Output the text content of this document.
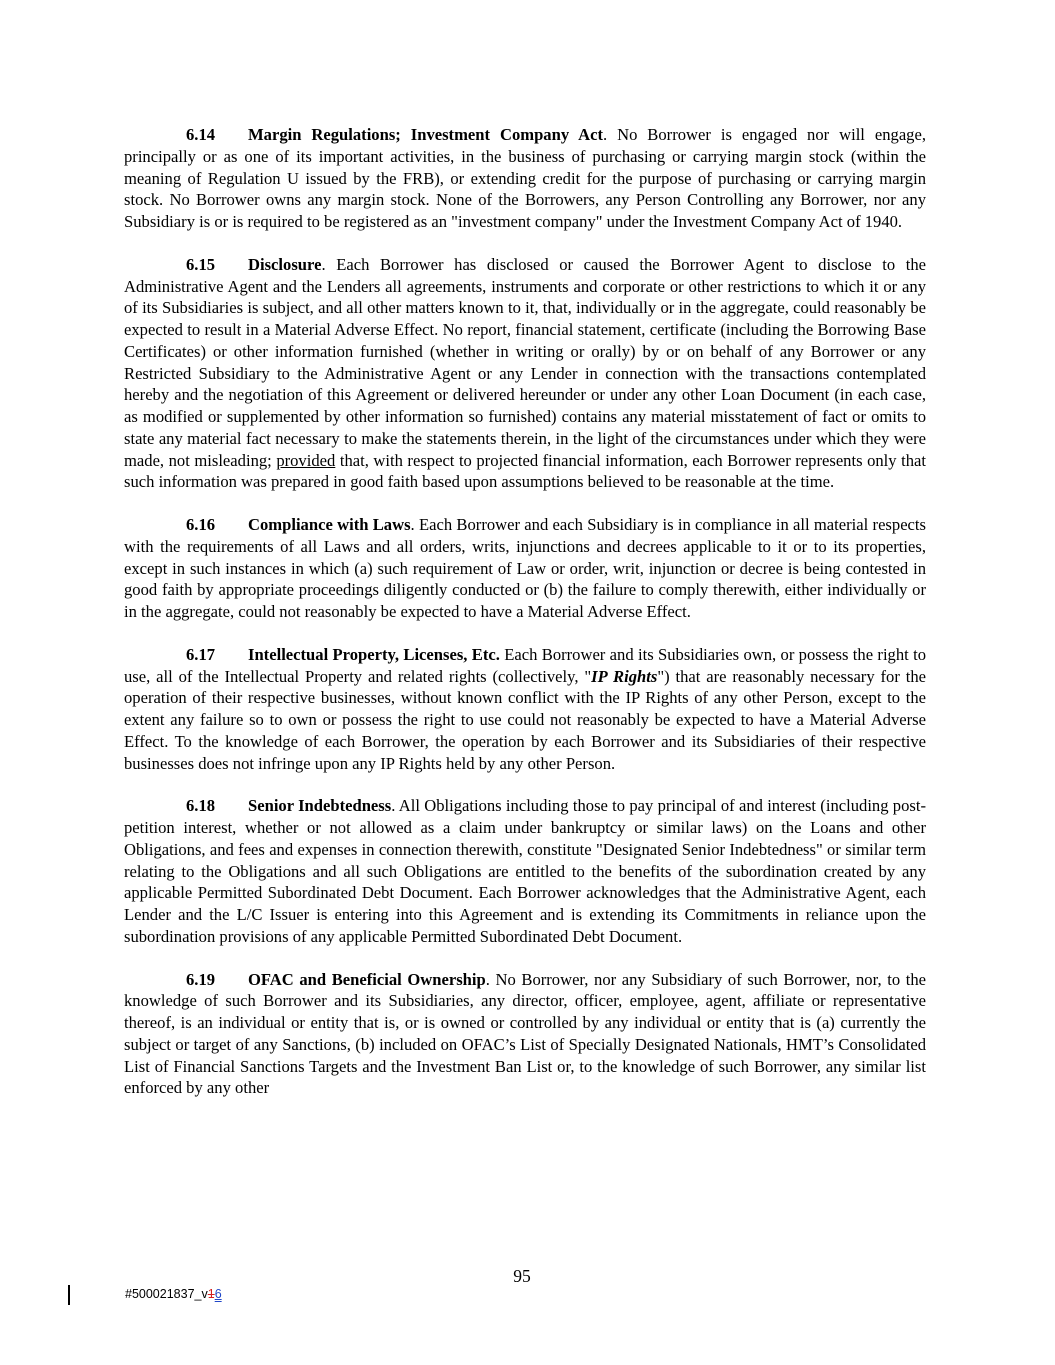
6.14 Margin Regulations; Investment Company Act. No Borrower is engaged nor will engage, principally or as one of its important activities, in the business of purchasing or carrying margin stock (within the meaning of Regulation U issued by the FRB), or extending credit for the purpose of purchasing or carrying margin stock. No Borrower owns any margin stock. None of the Borrowers, any Person Controlling any Borrower, nor any Subsidiary is or is required to be registered as an "investment company" under the Investment Company Act of 1940.

6.15 Disclosure. Each Borrower has disclosed or caused the Borrower Agent to disclose to the Administrative Agent and the Lenders all agreements, instruments and corporate or other restrictions to which it or any of its Subsidiaries is subject, and all other matters known to it, that, individually or in the aggregate, could reasonably be expected to result in a Material Adverse Effect. No report, financial statement, certificate (including the Borrowing Base Certificates) or other information furnished (whether in writing or orally) by or on behalf of any Borrower or any Restricted Subsidiary to the Administrative Agent or any Lender in connection with the transactions contemplated hereby and the negotiation of this Agreement or delivered hereunder or under any other Loan Document (in each case, as modified or supplemented by other information so furnished) contains any material misstatement of fact or omits to state any material fact necessary to make the statements therein, in the light of the circumstances under which they were made, not misleading; provided that, with respect to projected financial information, each Borrower represents only that such information was prepared in good faith based upon assumptions believed to be reasonable at the time.

6.16 Compliance with Laws. Each Borrower and each Subsidiary is in compliance in all material respects with the requirements of all Laws and all orders, writs, injunctions and decrees applicable to it or to its properties, except in such instances in which (a) such requirement of Law or order, writ, injunction or decree is being contested in good faith by appropriate proceedings diligently conducted or (b) the failure to comply therewith, either individually or in the aggregate, could not reasonably be expected to have a Material Adverse Effect.

6.17 Intellectual Property, Licenses, Etc. Each Borrower and its Subsidiaries own, or possess the right to use, all of the Intellectual Property and related rights (collectively, "IP Rights") that are reasonably necessary for the operation of their respective businesses, without known conflict with the IP Rights of any other Person, except to the extent any failure so to own or possess the right to use could not reasonably be expected to have a Material Adverse Effect. To the knowledge of each Borrower, the operation by each Borrower and its Subsidiaries of their respective businesses does not infringe upon any IP Rights held by any other Person.

6.18 Senior Indebtedness. All Obligations including those to pay principal of and interest (including post-petition interest, whether or not allowed as a claim under bankruptcy or similar laws) on the Loans and other Obligations, and fees and expenses in connection therewith, constitute "Designated Senior Indebtedness" or similar term relating to the Obligations and all such Obligations are entitled to the benefits of the subordination created by any applicable Permitted Subordinated Debt Document. Each Borrower acknowledges that the Administrative Agent, each Lender and the L/C Issuer is entering into this Agreement and is extending its Commitments in reliance upon the subordination provisions of any applicable Permitted Subordinated Debt Document.

6.19 OFAC and Beneficial Ownership. No Borrower, nor any Subsidiary of such Borrower, nor, to the knowledge of such Borrower and its Subsidiaries, any director, officer, employee, agent, affiliate or representative thereof, is an individual or entity that is, or is owned or controlled by any individual or entity that is (a) currently the subject or target of any Sanctions, (b) included on OFAC’s List of Specially Designated Nationals, HMT’s Consolidated List of Financial Sanctions Targets and the Investment Ban List or, to the knowledge of such Borrower, any similar list enforced by any other

95
#500021837_v16
